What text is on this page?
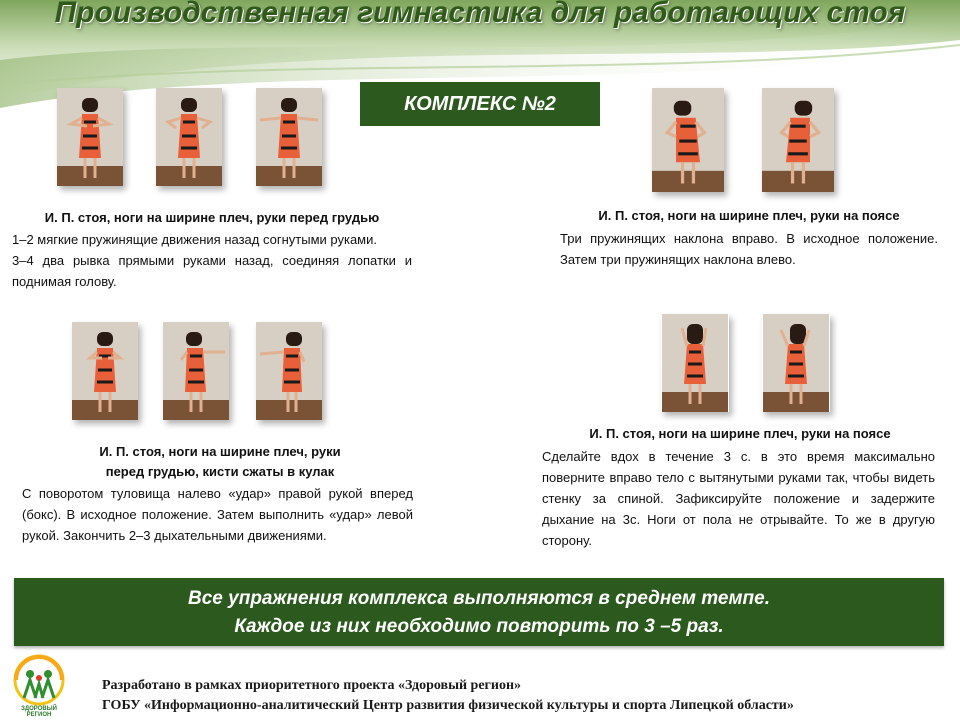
Производственная гимнастика для работающих стоя
КОМПЛЕКС №2
И. П. стоя, ноги на ширине плеч, руки перед грудью

1–2 мягкие пружинящие движения назад согнутыми руками.

3–4 два рывка прямыми руками назад, соединяя лопатки и поднимая голову.

И. П. стоя, ноги на ширине плеч, руки на поясе

Три пружинящих наклона вправо. В исходное положение. Затем три пружинящих наклона влево.

И. П. стоя, ноги на ширине плеч, руки
перед грудью, кисти сжаты в кулак

С поворотом туловища налево «удар» правой рукой вперед (бокс). В исходное положение. Затем выполнить «удар» левой рукой. Закончить 2–3 дыхательными движениями.

И. П. стоя, ноги на ширине плеч, руки на поясе

Сделайте вдох в течение 3 с. в это время максимально поверните вправо тело с вытянутыми руками так, чтобы видеть стенку за спиной. Зафиксируйте положение и задержите дыхание на 3с. Ноги от пола не отрывайте. То же в другую сторону.

Все упражнения комплекса выполняются в среднем темпе.
Каждое из них необходимо повторить по 3 –5 раз.
ЗДОРОВЫЙ РЕГИОН
Разработано в рамках приоритетного проекта «Здоровый регион»
ГОБУ «Информационно-аналитический Центр развития физической культуры и спорта Липецкой области»
